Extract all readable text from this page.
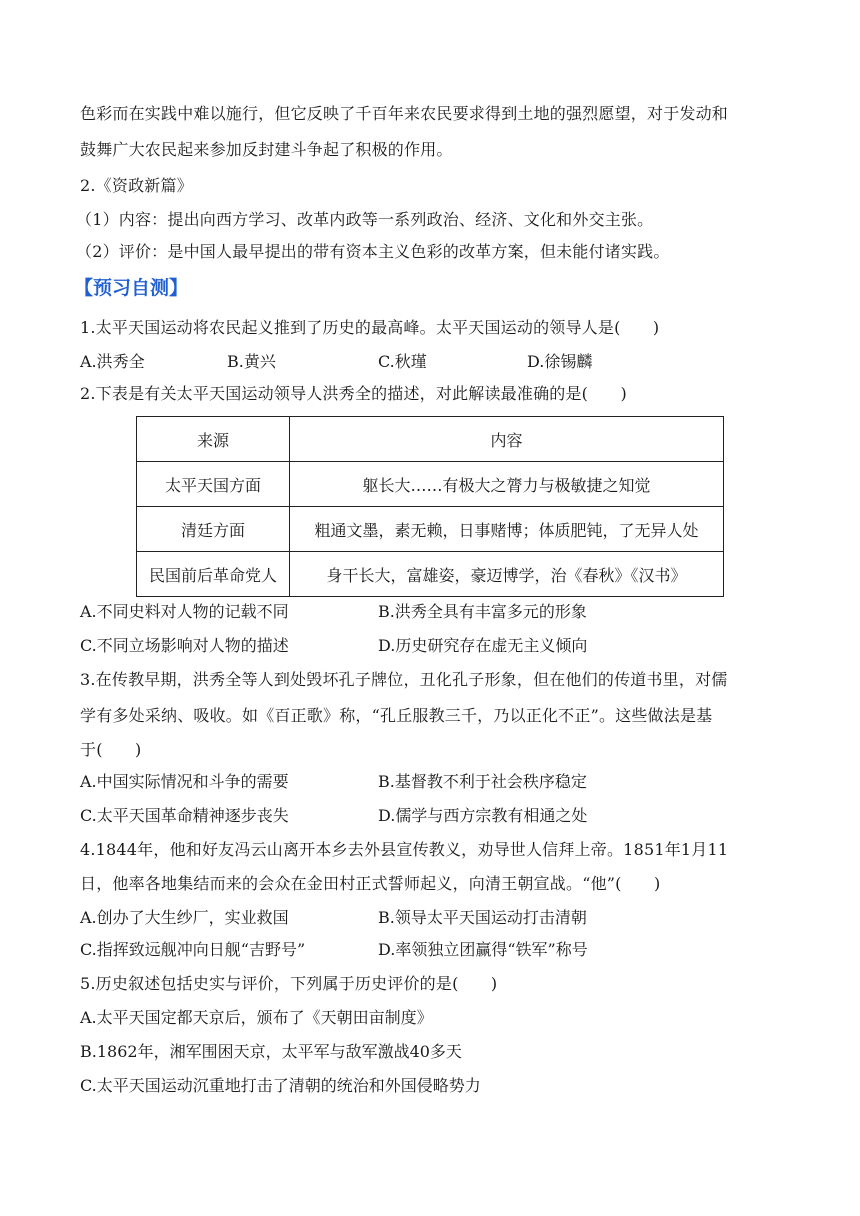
色彩而在实践中难以施行，但它反映了千百年来农民要求得到土地的强烈愿望，对于发动和
鼓舞广大农民起来参加反封建斗争起了积极的作用。
2.《资政新篇》
（1）内容：提出向西方学习、改革内政等一系列政治、经济、文化和外交主张。
（2）评价：是中国人最早提出的带有资本主义色彩的改革方案，但未能付诸实践。
【预习自测】
1.太平天国运动将农民起义推到了历史的最高峰。太平天国运动的领导人是(　　)
A.洪秀全	B.黄兴	C.秋瑾	D.徐锡麟
2.下表是有关太平天国运动领导人洪秀全的描述，对此解读最准确的是(　　)
来源	内容
太平天国方面	躯长大……有极大之膂力与极敏捷之知觉
清廷方面	粗通文墨，素无赖，日事赌博；体质肥钝，了无异人处
民国前后革命党人	身干长大，富雄姿，豪迈博学，治《春秋》《汉书》
A.不同史料对人物的记载不同	B.洪秀全具有丰富多元的形象
C.不同立场影响对人物的描述	D.历史研究存在虚无主义倾向
3.在传教早期，洪秀全等人到处毁坏孔子牌位，丑化孔子形象，但在他们的传道书里，对儒
学有多处采纳、吸收。如《百正歌》称，“孔丘服教三千，乃以正化不正”。这些做法是基
于(　　)
A.中国实际情况和斗争的需要	B.基督教不利于社会秩序稳定
C.太平天国革命精神逐步丧失	D.儒学与西方宗教有相通之处
4.1844年，他和好友冯云山离开本乡去外县宣传教义，劝导世人信拜上帝。1851年1月11
日，他率各地集结而来的会众在金田村正式誓师起义，向清王朝宣战。“他”(　　)
A.创办了大生纱厂，实业救国	B.领导太平天国运动打击清朝
C.指挥致远舰冲向日舰“吉野号”	D.率领独立团赢得“铁军”称号
5.历史叙述包括史实与评价，下列属于历史评价的是(　　)
A.太平天国定都天京后，颁布了《天朝田亩制度》
B.1862年，湘军围困天京，太平军与敌军激战40多天
C.太平天国运动沉重地打击了清朝的统治和外国侵略势力
